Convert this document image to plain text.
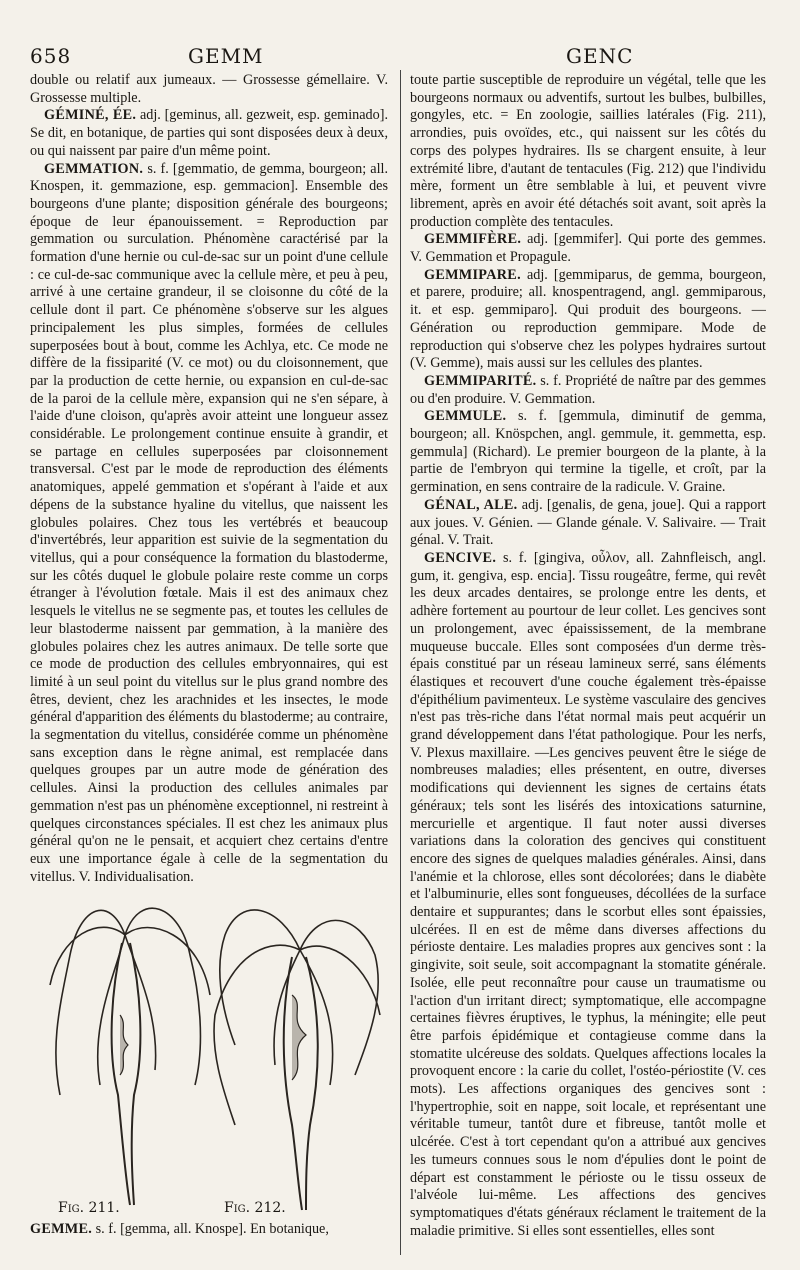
658	GEMM	GENC

double ou relatif aux jumeaux. — Grossesse gémellaire. V. Grossesse multiple.

GÉMINÉ, ÉE. adj. [geminus, all. gezweit, esp. geminado]. Se dit, en botanique, de parties qui sont disposées deux à deux, ou qui naissent par paire d'un même point.

GEMMATION. s. f. [gemmatio, de gemma, bourgeon; all. Knospen, it. gemmazione, esp. gemmacion]. Ensemble des bourgeons d'une plante; disposition générale des bourgeons; époque de leur épanouissement. = Reproduction par gemmation ou surculation. Phénomène caractérisé par la formation d'une hernie ou cul-de-sac sur un point d'une cellule : ce cul-de-sac communique avec la cellule mère, et peu à peu, arrivé à une certaine grandeur, il se cloisonne du côté de la cellule dont il part. Ce phénomène s'observe sur les algues principalement les plus simples, formées de cellules superposées bout à bout, comme les Achlya, etc. Ce mode ne diffère de la fissiparité (V. ce mot) ou du cloisonnement, que par la production de cette hernie, ou expansion en cul-de-sac de la paroi de la cellule mère, expansion qui ne s'en sépare, à l'aide d'une cloison, qu'après avoir atteint une longueur assez considérable. Le prolongement continue ensuite à grandir, et se partage en cellules superposées par cloisonnement transversal. C'est par le mode de reproduction des éléments anatomiques, appelé gemmation et s'opérant à l'aide et aux dépens de la substance hyaline du vitellus, que naissent les globules polaires. Chez tous les vertébrés et beaucoup d'invertébrés, leur apparition est suivie de la segmentation du vitellus, qui a pour conséquence la formation du blastoderme, sur les côtés duquel le globule polaire reste comme un corps étranger à l'évolution fœtale. Mais il est des animaux chez lesquels le vitellus ne se segmente pas, et toutes les cellules de leur blastoderme naissent par gemmation, à la manière des globules polaires chez les autres animaux. De telle sorte que ce mode de production des cellules embryonnaires, qui est limité à un seul point du vitellus sur le plus grand nombre des êtres, devient, chez les arachnides et les insectes, le mode général d'apparition des éléments du blastoderme; au contraire, la segmentation du vitellus, considérée comme un phénomène sans exception dans le règne animal, est remplacée dans quelques groupes par un autre mode de génération des cellules. Ainsi la production des cellules animales par gemmation n'est pas un phénomène exceptionnel, ni restreint à quelques circonstances spéciales. Il est chez les animaux plus général qu'on ne le pensait, et acquiert chez certains d'entre eux une importance égale à celle de la segmentation du vitellus. V. Individualisation.

toute partie susceptible de reproduire un végétal, telle que les bourgeons normaux ou adventifs, surtout les bulbes, bulbilles, gongyles, etc. = En zoologie, saillies latérales (Fig. 211), arrondies, puis ovoïdes, etc., qui naissent sur les côtés du corps des polypes hydraires. Ils se chargent ensuite, à leur extrémité libre, d'autant de tentacules (Fig. 212) que l'individu mère, forment un être semblable à lui, et peuvent vivre librement, après en avoir été détachés soit avant, soit après la production complète des tentacules.

GEMMIFÈRE. adj. [gemmifer]. Qui porte des gemmes. V. Gemmation et Propagule.

GEMMIPARE. adj. [gemmiparus, de gemma, bourgeon, et parere, produire; all. knospentragend, angl. gemmiparous, it. et esp. gemmiparo]. Qui produit des bourgeons. — Génération ou reproduction gemmipare. Mode de reproduction qui s'observe chez les polypes hydraires surtout (V. Gemme), mais aussi sur les cellules des plantes.

GEMMIPARITÉ. s. f. Propriété de naître par des gemmes ou d'en produire. V. Gemmation.

GEMMULE. s. f. [gemmula, diminutif de gemma, bourgeon; all. Knöspchen, angl. gemmule, it. gemmetta, esp. gemmula] (Richard). Le premier bourgeon de la plante, à la partie de l'embryon qui termine la tigelle, et croît, par la germination, en sens contraire de la radicule. V. Graine.

GÉNAL, ALE. adj. [genalis, de gena, joue]. Qui a rapport aux joues. V. Génien. — Glande génale. V. Salivaire. — Trait génal. V. Trait.

GENCIVE. s. f. [gingiva, οὖλον, all. Zahnfleisch, angl. gum, it. gengiva, esp. encia]. Tissu rougeâtre, ferme, qui revêt les deux arcades dentaires, se prolonge entre les dents, et adhère fortement au pourtour de leur collet. Les gencives sont un prolongement, avec épaississement, de la membrane muqueuse buccale. Elles sont composées d'un derme très-épais constitué par un réseau lamineux serré, sans éléments élastiques et recouvert d'une couche également très-épaisse d'épithélium pavimenteux. Le système vasculaire des gencives n'est pas très-riche dans l'état normal mais peut acquérir un grand développement dans l'état pathologique. Pour les nerfs, V. Plexus maxillaire. —Les gencives peuvent être le siége de nombreuses maladies; elles présentent, en outre, diverses modifications qui deviennent les signes de certains états généraux; tels sont les lisérés des intoxications saturnine, mercurielle et argentique. Il faut noter aussi diverses variations dans la coloration des gencives qui constituent encore des signes de quelques maladies générales. Ainsi, dans l'anémie et la chlorose, elles sont décolorées; dans le diabète et l'albuminurie, elles sont fongueuses, décollées de la surface dentaire et suppurantes; dans le scorbut elles sont épaissies, ulcérées. Il en est de même dans diverses affections du périoste dentaire. Les maladies propres aux gencives sont : la gingivite, soit seule, soit accompagnant la stomatite générale. Isolée, elle peut reconnaître pour cause un traumatisme ou l'action d'un irritant direct; symptomatique, elle accompagne certaines fièvres éruptives, le typhus, la méningite; elle peut être parfois épidémique et contagieuse comme dans la stomatite ulcéreuse des soldats. Quelques affections locales la provoquent encore : la carie du collet, l'ostéo-périostite (V. ces mots). Les affections organiques des gencives sont : l'hypertrophie, soit en nappe, soit locale, et représentant une véritable tumeur, tantôt dure et fibreuse, tantôt molle et ulcérée. C'est à tort cependant qu'on a attribué aux gencives les tumeurs connues sous le nom d'épulies dont le point de départ est constamment le périoste ou le tissu osseux de l'alvéole lui-même. Les affections des gencives symptomatiques d'états généraux réclament le traitement de la maladie primitive. Si elles sont essentielles, elles sont

Fig. 211.	Fig. 212.
GEMME. s. f. [gemma, all. Knospe]. En botanique,
